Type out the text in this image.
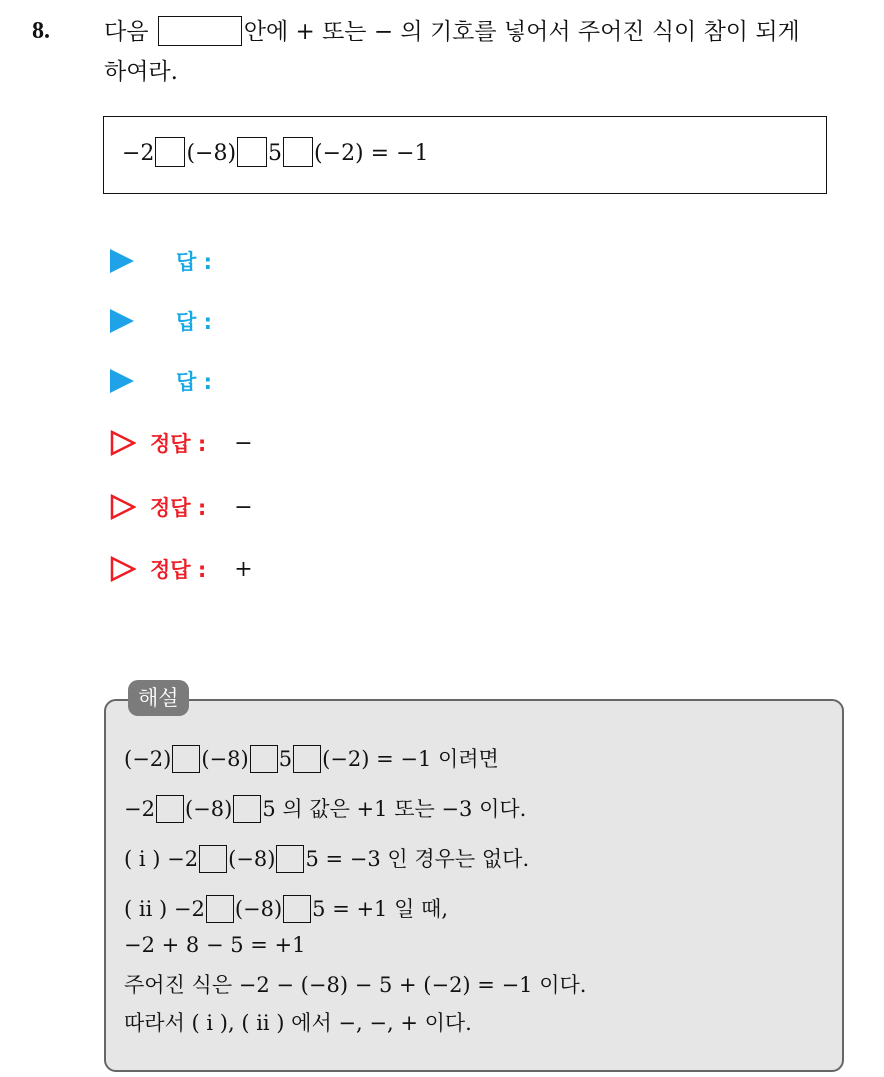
8. 다음	안에 + 또는 − 의 기호를 넣어서 주어진 식이 참이 되게
하여라.
−2 (−8) 5 (−2) = −1
답 :
답 :
답 :
정답 : −
정답 : −
정답 : +
(−2) (−8) 5 (−2) = −1 이려면
−2 (−8) 5 의 값은 +1 또는 −3 이다.
( i ) −2 (−8) 5 = −3 인 경우는 없다.
( ii ) −2 (−8) 5 = +1 일 때,
−2 + 8 − 5 = +1
주어진 식은 −2 − (−8) − 5 + (−2) = −1 이다.
따라서 ( i ), ( ii ) 에서 −, −, + 이다.
해설
